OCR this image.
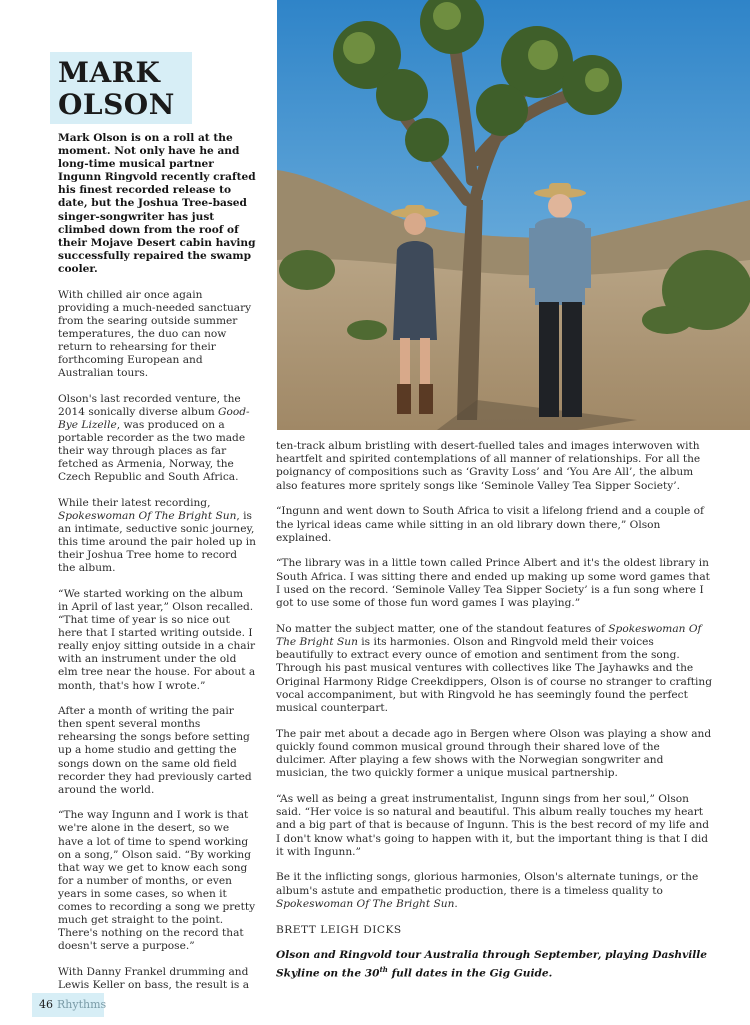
MARK
OLSON

Mark Olson is on a roll at the moment. Not only have he and long-time musical partner Ingunn Ringvold recently crafted his finest recorded release to date, but the Joshua Tree-based singer-songwriter has just climbed down from the roof of their Mojave Desert cabin having successfully repaired the swamp cooler.

With chilled air once again providing a much-needed sanctuary from the searing outside summer temperatures, the duo can now return to rehearsing for their forthcoming European and Australian tours.

Olson's last recorded venture, the 2014 sonically diverse album Good-Bye Lizelle, was produced on a portable recorder as the two made their way through places as far fetched as Armenia, Norway, the Czech Republic and South Africa.

While their latest recording, Spokeswoman Of The Bright Sun, is an intimate, seductive sonic journey, this time around the pair holed up in their Joshua Tree home to record the album.

“We started working on the album in April of last year,” Olson recalled. “That time of year is so nice out here that I started writing outside. I really enjoy sitting outside in a chair with an instrument under the old elm tree near the house. For about a month, that's how I wrote.”

After a month of writing the pair then spent several months rehearsing the songs before setting up a home studio and getting the songs down on the same old field recorder they had previously carted around the world.

“The way Ingunn and I work is that we're alone in the desert, so we have a lot of time to spend working on a song,” Olson said. “By working that way we get to know each song for a number of months, or even years in some cases, so when it comes to recording a song we pretty much get straight to the point. There's nothing on the record that doesn't serve a purpose.”

With Danny Frankel drumming and Lewis Keller on bass, the result is a

ten-track album bristling with desert-fuelled tales and images interwoven with heartfelt and spirited contemplations of all manner of relationships. For all the poignancy of compositions such as ‘Gravity Loss’ and ‘You Are All’, the album also features more spritely songs like ‘Seminole Valley Tea Sipper Society’.

“Ingunn and went down to South Africa to visit a lifelong friend and a couple of the lyrical ideas came while sitting in an old library down there,” Olson explained.

“The library was in a little town called Prince Albert and it's the oldest library in South Africa. I was sitting there and ended up making up some word games that I used on the record. ‘Seminole Valley Tea Sipper Society’ is a fun song where I got to use some of those fun word games I was playing.”

No matter the subject matter, one of the standout features of Spokeswoman Of The Bright Sun is its harmonies. Olson and Ringvold meld their voices beautifully to extract every ounce of emotion and sentiment from the song. Through his past musical ventures with collectives like The Jayhawks and the Original Harmony Ridge Creekdippers, Olson is of course no stranger to crafting vocal accompaniment, but with Ringvold he has seemingly found the perfect musical counterpart.

The pair met about a decade ago in Bergen where Olson was playing a show and quickly found common musical ground through their shared love of the dulcimer. After playing a few shows with the Norwegian songwriter and musician, the two quickly former a unique musical partnership.

“As well as being a great instrumentalist, Ingunn sings from her soul,” Olson said. “Her voice is so natural and beautiful. This album really touches my heart and a big part of that is because of Ingunn. This is the best record of my life and I don't know what's going to happen with it, but the important thing is that I did it with Ingunn.”

Be it the inflicting songs, glorious harmonies, Olson's alternate tunings, or the album's astute and empathetic production, there is a timeless quality to Spokeswoman Of The Bright Sun.

BRETT LEIGH DICKS

Olson and Ringvold tour Australia through September, playing Dashville Skyline on the 30th full dates in the Gig Guide.

46 Rhythms
